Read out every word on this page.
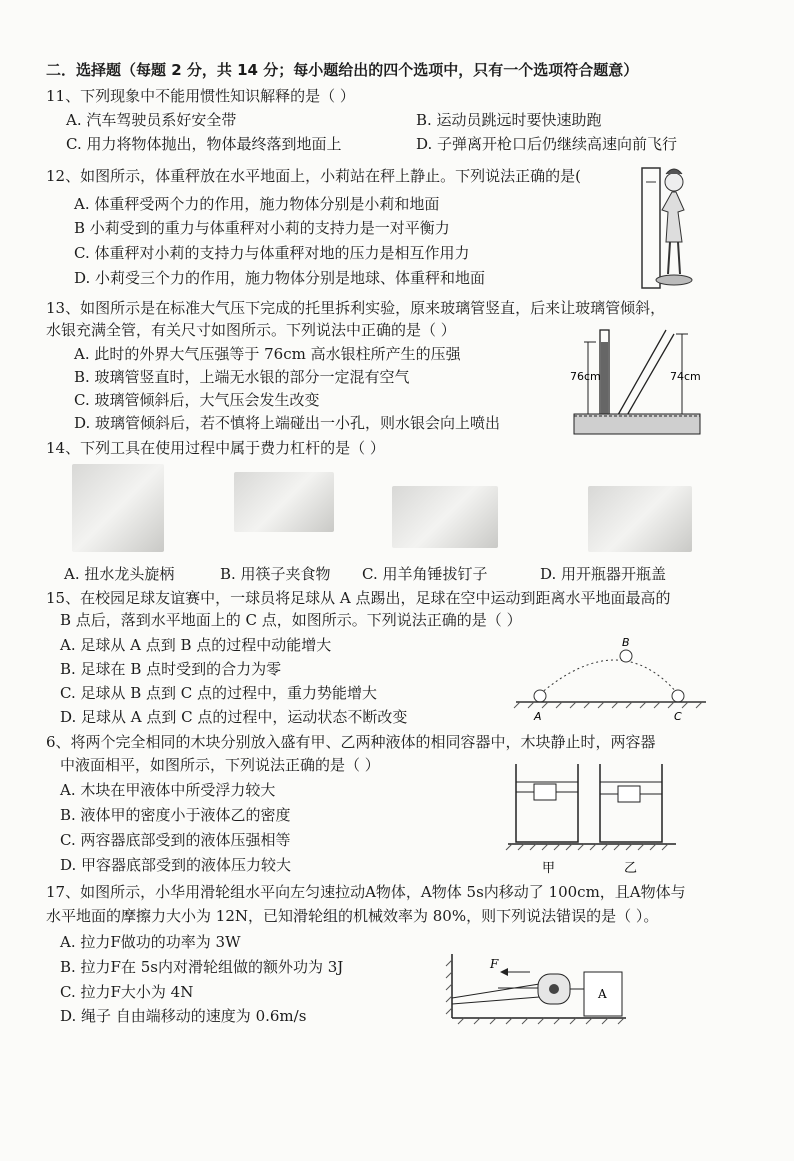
二．选择题（每题 2 分，共 14 分；每小题给出的四个选项中，只有一个选项符合题意）
11、下列现象中不能用惯性知识解释的是（ ）
A. 汽车驾驶员系好安全带	B. 运动员跳远时要快速助跑
C. 用力将物体抛出，物体最终落到地面上	D. 子弹离开枪口后仍继续高速向前飞行
12、如图所示，体重秤放在水平地面上，小莉站在秤上静止。下列说法正确的是(
A. 体重秤受两个力的作用，施力物体分别是小莉和地面
B 小莉受到的重力与体重秤对小莉的支持力是一对平衡力
C. 体重秤对小莉的支持力与体重秤对地的压力是相互作用力
D. 小莉受三个力的作用，施力物体分别是地球、体重秤和地面
13、如图所示是在标准大气压下完成的托里拆利实验，原来玻璃管竖直，后来让玻璃管倾斜，
水银充满全管，有关尺寸如图所示。下列说法中正确的是（ ）
A. 此时的外界大气压强等于 76cm 高水银柱所产生的压强
B. 玻璃管竖直时，上端无水银的部分一定混有空气
C. 玻璃管倾斜后，大气压会发生改变
D. 玻璃管倾斜后，若不慎将上端碰出一小孔，则水银会向上喷出
76cm	74cm
14、下列工具在使用过程中属于费力杠杆的是（ ）
A. 扭水龙头旋柄	B. 用筷子夹食物 C. 用羊角锤拔钉子	D. 用开瓶器开瓶盖
15、在校园足球友谊赛中，一球员将足球从 A 点踢出，足球在空中运动到距离水平地面最高的
B 点后，落到水平地面上的 C 点，如图所示。下列说法正确的是（ ）
A. 足球从 A 点到 B 点的过程中动能增大
B. 足球在 B 点时受到的合力为零
C. 足球从 B 点到 C 点的过程中，重力势能增大
D. 足球从 A 点到 C 点的过程中，运动状态不断改变	A
B
C
6、将两个完全相同的木块分别放入盛有甲、乙两种液体的相同容器中，木块静止时，两容器
中液面相平，如图所示，下列说法正确的是（ ）
A. 木块在甲液体中所受浮力较大
B. 液体甲的密度小于液体乙的密度
C. 两容器底部受到的液体压强相等
D. 甲容器底部受到的液体压力较大	甲	乙
17、如图所示，小华用滑轮组水平向左匀速拉动A物体，A物体 5s内移动了 100cm，且A物体与
水平地面的摩擦力大小为 12N，已知滑轮组的机械效率为 80%，则下列说法错误的是（ ）。
A. 拉力F做功的功率为 3W
B. 拉力F在 5s内对滑轮组做的额外功为 3J
C. 拉力F大小为 4N
D. 绳子 自由端移动的速度为 0.6m/s
F
A
